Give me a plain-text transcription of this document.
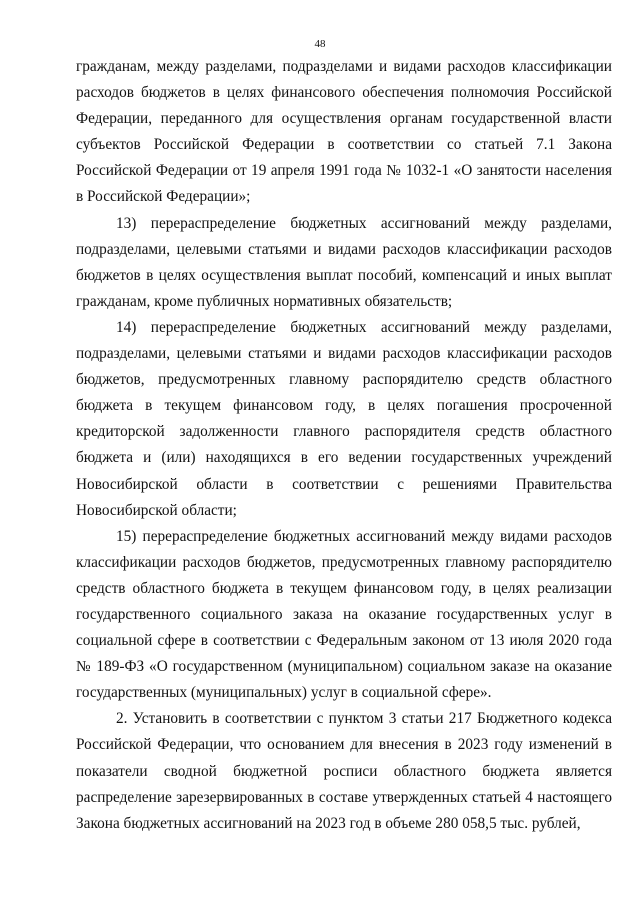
48

гражданам, между разделами, подразделами и видами расходов классификации расходов бюджетов в целях финансового обеспечения полномочия Российской Федерации, переданного для осуществления органам государственной власти субъектов Российской Федерации в соответствии со статьей 7.1 Закона Российской Федерации от 19 апреля 1991 года № 1032-1 «О занятости населения в Российской Федерации»;

13) перераспределение бюджетных ассигнований между разделами, подразделами, целевыми статьями и видами расходов классификации расходов бюджетов в целях осуществления выплат пособий, компенсаций и иных выплат гражданам, кроме публичных нормативных обязательств;

14) перераспределение бюджетных ассигнований между разделами, подразделами, целевыми статьями и видами расходов классификации расходов бюджетов, предусмотренных главному распорядителю средств областного бюджета в текущем финансовом году, в целях погашения просроченной кредиторской задолженности главного распорядителя средств областного бюджета и (или) находящихся в его ведении государственных учреждений Новосибирской области в соответствии с решениями Правительства Новосибирской области;

15) перераспределение бюджетных ассигнований между видами расходов классификации расходов бюджетов, предусмотренных главному распорядителю средств областного бюджета в текущем финансовом году, в целях реализации государственного социального заказа на оказание государственных услуг в социальной сфере в соответствии с Федеральным законом от 13 июля 2020 года № 189-ФЗ «О государственном (муниципальном) социальном заказе на оказание государственных (муниципальных) услуг в социальной сфере».

2. Установить в соответствии с пунктом 3 статьи 217 Бюджетного кодекса Российской Федерации, что основанием для внесения в 2023 году изменений в показатели сводной бюджетной росписи областного бюджета является распределение зарезервированных в составе утвержденных статьей 4 настоящего Закона бюджетных ассигнований на 2023 год в объеме 280 058,5 тыс. рублей,
